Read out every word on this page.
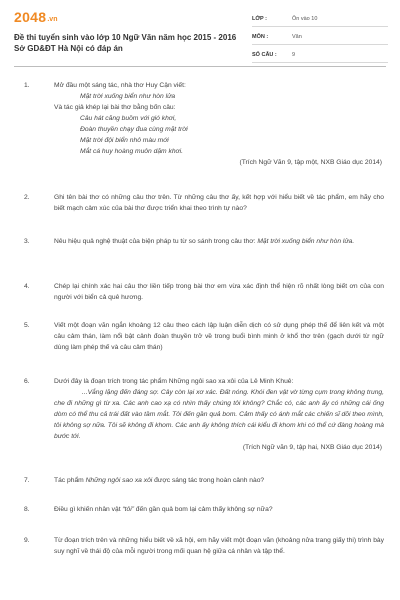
2048 .vn
Đề thi tuyển sinh vào lớp 10 Ngữ Văn năm học 2015 - 2016
Sở GD&ĐT Hà Nội có đáp án
LỚP :	Ôn vào 10
MÔN :	Văn
SỐ CÂU :	9
1.	Mở đầu một sáng tác, nhà thơ Huy Cận viết:
Mặt trời xuống biển như hòn lửa
Và tác giả khép lại bài thơ bằng bốn câu:
Câu hát căng buồm với gió khơi,
Đoàn thuyền chạy đua cùng mặt trời
Mặt trời đội biển nhô màu mới
Mắt cá huy hoàng muôn dặm khơi.
(Trích Ngữ Văn 9, tập một, NXB Giáo dục 2014)
2.	Ghi tên bài thơ có những câu thơ trên. Từ những câu thơ ấy, kết hợp với hiểu biết về tác phẩm, em hãy cho biết mạch cảm xúc của bài thơ được triển khai theo trình tự nào?
3.	Nêu hiệu quả nghệ thuật của biện pháp tu từ so sánh trong câu thơ: Mặt trời xuống biển như hòn lửa.
4.	Chép lại chính xác hai câu thơ liền tiếp trong bài thơ em vừa xác định thể hiện rõ nhất lòng biết ơn của con người với biển cả quê hương.
5.	Viết một đoạn văn ngắn khoảng 12 câu theo cách lập luận diễn dịch có sử dụng phép thế để liên kết và một câu cảm thán, làm nổi bật cảnh đoàn thuyền trở về trong buổi bình minh ở khổ thơ trên (gạch dưới từ ngữ dùng làm phép thế và câu cảm thán)
6.	Dưới đây là đoạn trích trong tác phẩm Những ngôi sao xa xôi của Lê Minh Khuê:
...Vắng lặng đến đáng sợ. Cây còn lại xơ xác. Đất nóng. Khói đen vật vờ từng cụm trong không trung, che đi những gì từ xa. Các anh cao xạ có nhìn thấy chúng tôi không? Chắc có, các anh ấy có những cái ống dòm có thể thu cả trái đất vào tầm mắt. Tôi đến gần quả bom. Cảm thấy có ánh mắt các chiến sĩ dõi theo mình, tôi không sợ nữa. Tôi sẽ không đi khom. Các anh ấy không thích cái kiểu đi khom khi có thể cứ đàng hoàng mà bước tới.
(Trích Ngữ văn 9, tập hai, NXB Giáo dục 2014)
7.	Tác phẩm Những ngôi sao xa xôi được sáng tác trong hoàn cảnh nào?
8.	Điều gì khiến nhân vật “tôi” đến gần quả bom lại cảm thấy không sợ nữa?
9.	Từ đoạn trích trên và những hiểu biết về xã hội, em hãy viết một đoạn văn (khoảng nửa trang giấy thi) trình bày suy nghĩ về thái độ của mỗi người trong mối quan hệ giữa cá nhân và tập thể.
